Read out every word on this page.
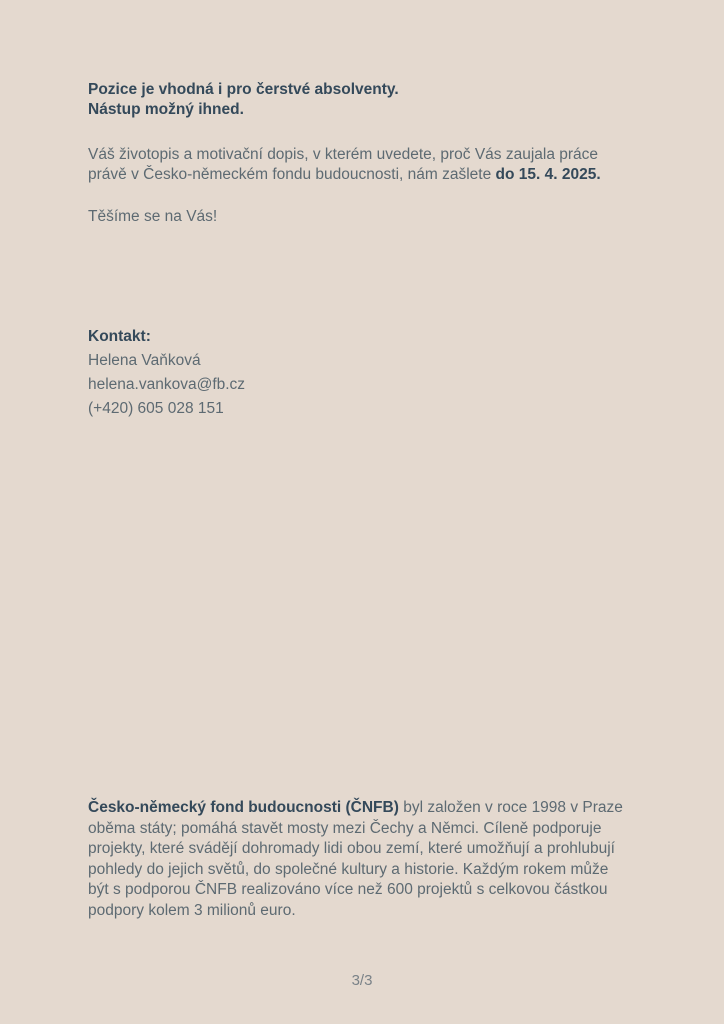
Pozice je vhodná i pro čerstvé absolventy.
Nástup možný ihned.
Váš životopis a motivační dopis, v kterém uvedete, proč Vás zaujala práce
právě v Česko-německém fondu budoucnosti, nám zašlete do 15. 4. 2025.
Těšíme se na Vás!
Kontakt:
Helena Vaňková
helena.vankova@fb.cz
(+420) 605 028 151
Česko-německý fond budoucnosti (ČNFB) byl založen v roce 1998 v Praze
oběma státy; pomáhá stavět mosty mezi Čechy a Němci. Cíleně podporuje
projekty, které svádějí dohromady lidi obou zemí, které umožňují a prohlubují
pohledy do jejich světů, do společné kultury a historie. Každým rokem může
být s podporou ČNFB realizováno více než 600 projektů s celkovou částkou
podpory kolem 3 milionů euro.
3/3
